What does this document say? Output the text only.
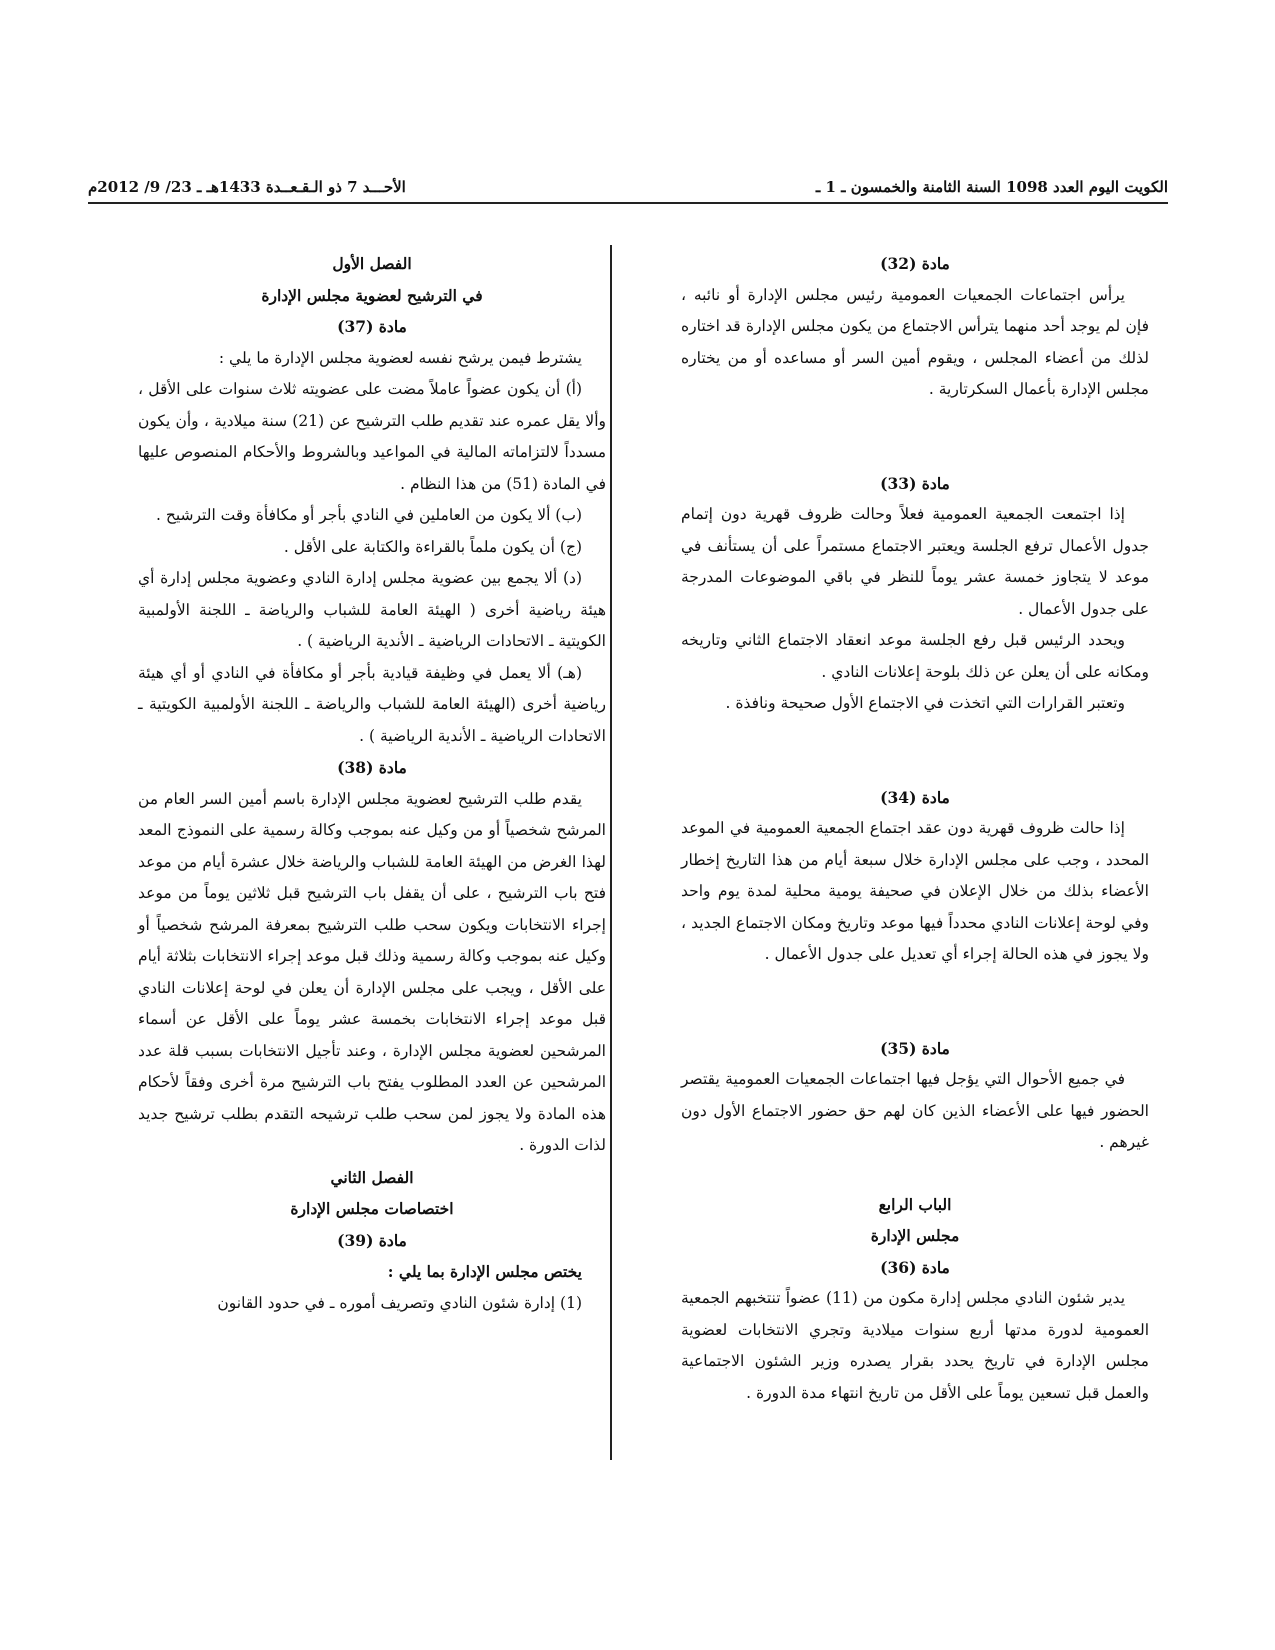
الكويت اليوم العدد 1098 السنة الثامنة والخمسون ـ 1 ـ
الأحـــد 7 ذو الـقـعــدة 1433هـ ـ 23/ 9/ 2012م

مادة (32)

يرأس اجتماعات الجمعيات العمومية رئيس مجلس الإدارة أو نائبه ، فإن لم يوجد أحد منهما يترأس الاجتماع من يكون مجلس الإدارة قد اختاره لذلك من أعضاء المجلس ، ويقوم أمين السر أو مساعده أو من يختاره مجلس الإدارة بأعمال السكرتارية .

مادة (33)

إذا اجتمعت الجمعية العمومية فعلاً وحالت ظروف قهرية دون إتمام جدول الأعمال ترفع الجلسة ويعتبر الاجتماع مستمراً على أن يستأنف في موعد لا يتجاوز خمسة عشر يوماً للنظر في باقي الموضوعات المدرجة على جدول الأعمال .

ويحدد الرئيس قبل رفع الجلسة موعد انعقاد الاجتماع الثاني وتاريخه ومكانه على أن يعلن عن ذلك بلوحة إعلانات النادي .

وتعتبر القرارات التي اتخذت في الاجتماع الأول صحيحة ونافذة .

مادة (34)

إذا حالت ظروف قهرية دون عقد اجتماع الجمعية العمومية في الموعد المحدد ، وجب على مجلس الإدارة خلال سبعة أيام من هذا التاريخ إخطار الأعضاء بذلك من خلال الإعلان في صحيفة يومية محلية لمدة يوم واحد وفي لوحة إعلانات النادي محدداً فيها موعد وتاريخ ومكان الاجتماع الجديد ، ولا يجوز في هذه الحالة إجراء أي تعديل على جدول الأعمال .

مادة (35)

في جميع الأحوال التي يؤجل فيها اجتماعات الجمعيات العمومية يقتصر الحضور فيها على الأعضاء الذين كان لهم حق حضور الاجتماع الأول دون غيرهم .

الباب الرابع

مجلس الإدارة

مادة (36)

يدير شئون النادي مجلس إدارة مكون من (11) عضواً تنتخبهم الجمعية العمومية لدورة مدتها أربع سنوات ميلادية وتجري الانتخابات لعضوية مجلس الإدارة في تاريخ يحدد بقرار يصدره وزير الشئون الاجتماعية والعمل قبل تسعين يوماً على الأقل من تاريخ انتهاء مدة الدورة .

الفصل الأول

في الترشيح لعضوية مجلس الإدارة

مادة (37)

يشترط فيمن يرشح نفسه لعضوية مجلس الإدارة ما يلي :

(أ) أن يكون عضواً عاملاً مضت على عضويته ثلاث سنوات على الأقل ، وألا يقل عمره عند تقديم طلب الترشيح عن (21) سنة ميلادية ، وأن يكون مسدداً لالتزاماته المالية في المواعيد وبالشروط والأحكام المنصوص عليها في المادة (51) من هذا النظام .

(ب) ألا يكون من العاملين في النادي بأجر أو مكافأة وقت الترشيح .

(ج) أن يكون ملماً بالقراءة والكتابة على الأقل .

(د) ألا يجمع بين عضوية مجلس إدارة النادي وعضوية مجلس إدارة أي هيئة رياضية أخرى ( الهيئة العامة للشباب والرياضة ـ اللجنة الأولمبية الكويتية ـ الاتحادات الرياضية ـ الأندية الرياضية ) .

(هـ) ألا يعمل في وظيفة قيادية بأجر أو مكافأة في النادي أو أي هيئة رياضية أخرى (الهيئة العامة للشباب والرياضة ـ اللجنة الأولمبية الكويتية ـ الاتحادات الرياضية ـ الأندية الرياضية ) .

مادة (38)

يقدم طلب الترشيح لعضوية مجلس الإدارة باسم أمين السر العام من المرشح شخصياً أو من وكيل عنه بموجب وكالة رسمية على النموذج المعد لهذا الغرض من الهيئة العامة للشباب والرياضة خلال عشرة أيام من موعد فتح باب الترشيح ، على أن يقفل باب الترشيح قبل ثلاثين يوماً من موعد إجراء الانتخابات ويكون سحب طلب الترشيح بمعرفة المرشح شخصياً أو وكيل عنه بموجب وكالة رسمية وذلك قبل موعد إجراء الانتخابات بثلاثة أيام على الأقل ، ويجب على مجلس الإدارة أن يعلن في لوحة إعلانات النادي قبل موعد إجراء الانتخابات بخمسة عشر يوماً على الأقل عن أسماء المرشحين لعضوية مجلس الإدارة ، وعند تأجيل الانتخابات بسبب قلة عدد المرشحين عن العدد المطلوب يفتح باب الترشيح مرة أخرى وفقاً لأحكام هذه المادة ولا يجوز لمن سحب طلب ترشيحه التقدم بطلب ترشيح جديد لذات الدورة .

الفصل الثاني

اختصاصات مجلس الإدارة

مادة (39)

يختص مجلس الإدارة بما يلي :

(1) إدارة شئون النادي وتصريف أموره ـ في حدود القانون
